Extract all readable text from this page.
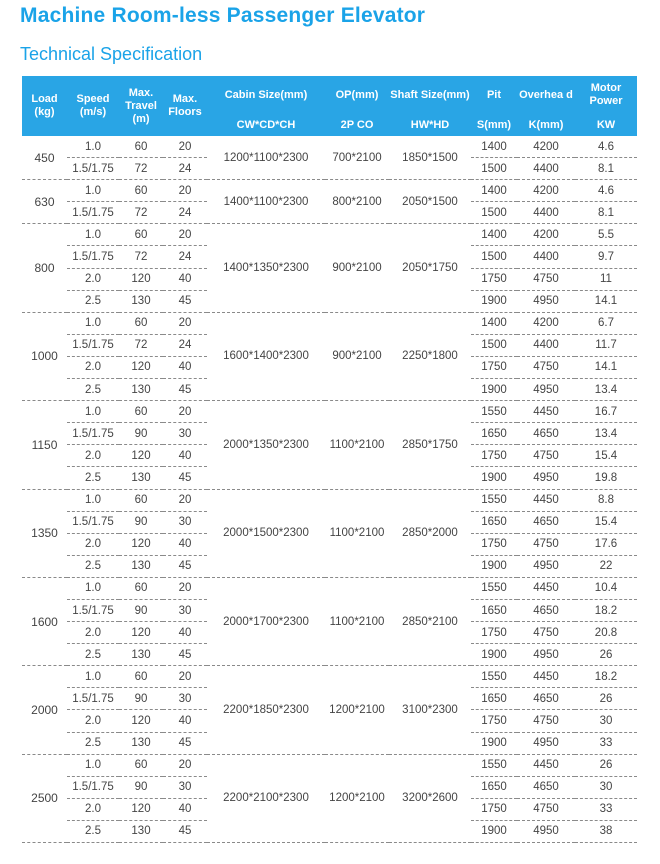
Machine Room-less Passenger Elevator
Technical Specification
Load (kg)	Speed (m/s)	Max. Travel (m)	Max. Floors	Cabin Size(mm)	OP(mm)	Shaft Size(mm)	Pit	Overhea d	Motor Power
				CW*CD*CH	2P CO	HW*HD	S(mm)	K(mm)	KW
450	1.0	60	20	1200*1100*2300	700*2100	1850*1500	1400	4200	4.6
	1.5/1.75	72	24				1500	4400	8.1
630	1.0	60	20	1400*1100*2300	800*2100	2050*1500	1400	4200	4.6
	1.5/1.75	72	24				1500	4400	8.1
800	1.0	60	20	1400*1350*2300	900*2100	2050*1750	1400	4200	5.5
	1.5/1.75	72	24				1500	4400	9.7
	2.0	120	40				1750	4750	11
	2.5	130	45				1900	4950	14.1
1000	1.0	60	20	1600*1400*2300	900*2100	2250*1800	1400	4200	6.7
	1.5/1.75	72	24				1500	4400	11.7
	2.0	120	40				1750	4750	14.1
	2.5	130	45				1900	4950	13.4
1150	1.0	60	20	2000*1350*2300	1100*2100	2850*1750	1550	4450	16.7
	1.5/1.75	90	30				1650	4650	13.4
	2.0	120	40				1750	4750	15.4
	2.5	130	45				1900	4950	19.8
1350	1.0	60	20	2000*1500*2300	1100*2100	2850*2000	1550	4450	8.8
	1.5/1.75	90	30				1650	4650	15.4
	2.0	120	40				1750	4750	17.6
	2.5	130	45				1900	4950	22
1600	1.0	60	20	2000*1700*2300	1100*2100	2850*2100	1550	4450	10.4
	1.5/1.75	90	30				1650	4650	18.2
	2.0	120	40				1750	4750	20.8
	2.5	130	45				1900	4950	26
2000	1.0	60	20	2200*1850*2300	1200*2100	3100*2300	1550	4450	18.2
	1.5/1.75	90	30				1650	4650	26
	2.0	120	40				1750	4750	30
	2.5	130	45				1900	4950	33
2500	1.0	60	20	2200*2100*2300	1200*2100	3200*2600	1550	4450	26
	1.5/1.75	90	30				1650	4650	30
	2.0	120	40				1750	4750	33
	2.5	130	45				1900	4950	38
